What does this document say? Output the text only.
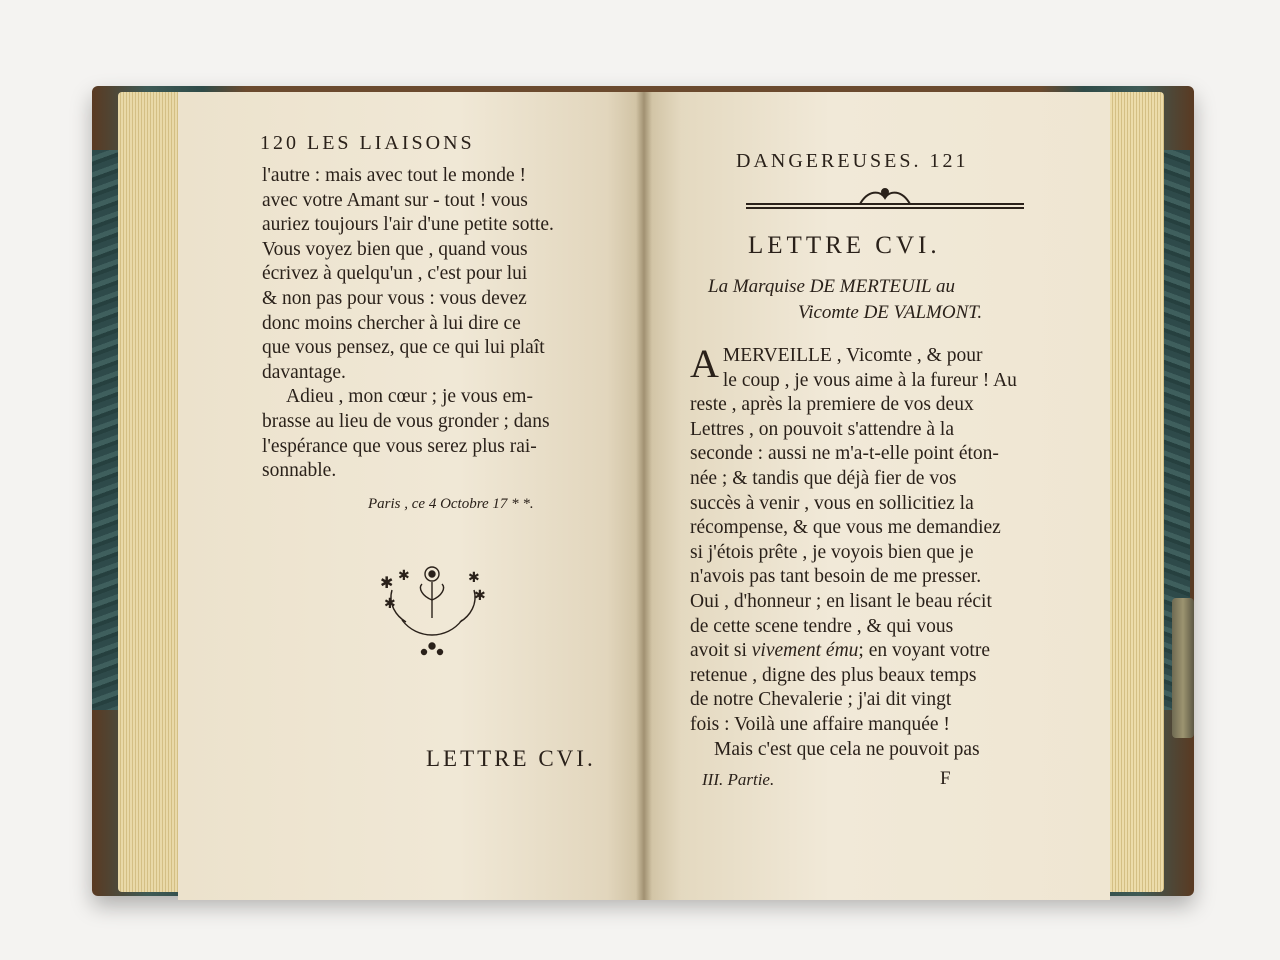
120 LES LIAISONS

l'autre : mais avec tout le monde !

avec votre Amant sur - tout ! vous

auriez toujours l'air d'une petite sotte.

Vous voyez bien que , quand vous

écrivez à quelqu'un , c'est pour lui

& non pas pour vous : vous devez

donc moins chercher à lui dire ce

que vous pensez, que ce qui lui plaît

davantage.

Adieu , mon cœur ; je vous em-

brasse au lieu de vous gronder ; dans

l'espérance que vous serez plus rai-

sonnable.

Paris , ce 4 Octobre 17 * *.
✱ ✱
✱
✱
✱
LETTRE CVI.
DANGEREUSES. 121
LETTRE CVI.
La Marquise DE MERTEUIL au
Vicomte DE VALMONT.

A MERVEILLE , Vicomte , & pour

le coup , je vous aime à la fureur ! Au

reste , après la premiere de vos deux

Lettres , on pouvoit s'attendre à la

seconde : aussi ne m'a-t-elle point éton-

née ; & tandis que déjà fier de vos

succès à venir , vous en sollicitiez la

récompense, & que vous me demandiez

si j'étois prête , je voyois bien que je

n'avois pas tant besoin de me presser.

Oui , d'honneur ; en lisant le beau récit

de cette scene tendre , & qui vous

avoit si vivement ému; en voyant votre

retenue , digne des plus beaux temps

de notre Chevalerie ; j'ai dit vingt

fois : Voilà une affaire manquée !

Mais c'est que cela ne pouvoit pas

III. Partie.	F
